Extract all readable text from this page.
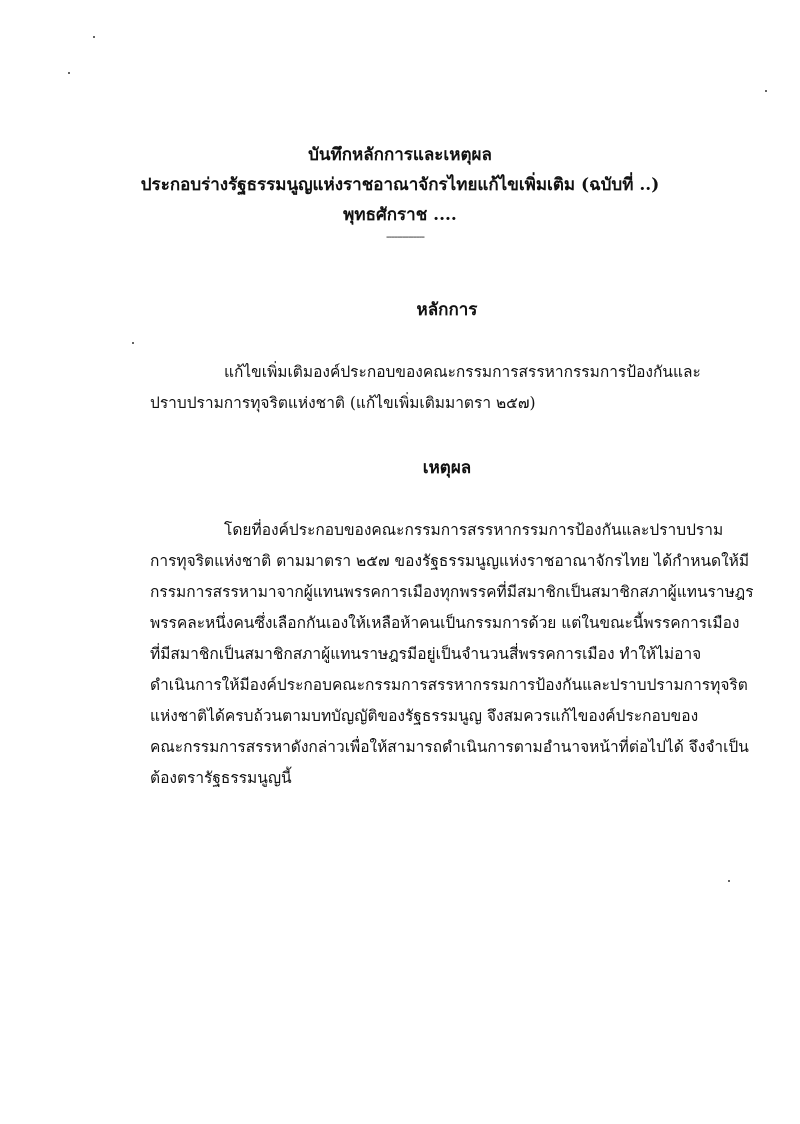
บันทึกหลักการและเหตุผล
ประกอบร่างรัฐธรรมนูญแห่งราชอาณาจักรไทยแก้ไขเพิ่มเติม (ฉบับที่ ..)
พุทธศักราช ....
--------------
หลักการ
แก้ไขเพิ่มเติมองค์ประกอบของคณะกรรมการสรรหากรรมการป้องกันและ
ปราบปรามการทุจริตแห่งชาติ (แก้ไขเพิ่มเติมมาตรา ๒๕๗)
เหตุผล
โดยที่องค์ประกอบของคณะกรรมการสรรหากรรมการป้องกันและปราบปราม
การทุจริตแห่งชาติ ตามมาตรา ๒๕๗ ของรัฐธรรมนูญแห่งราชอาณาจักรไทย ได้กำหนดให้มี
กรรมการสรรหามาจากผู้แทนพรรคการเมืองทุกพรรคที่มีสมาชิกเป็นสมาชิกสภาผู้แทนราษฎร
พรรคละหนึ่งคนซึ่งเลือกกันเองให้เหลือห้าคนเป็นกรรมการด้วย แต่ในขณะนี้พรรคการเมือง
ที่มีสมาชิกเป็นสมาชิกสภาผู้แทนราษฎรมีอยู่เป็นจำนวนสี่พรรคการเมือง ทำให้ไม่อาจ
ดำเนินการให้มีองค์ประกอบคณะกรรมการสรรหากรรมการป้องกันและปราบปรามการทุจริต
แห่งชาติได้ครบถ้วนตามบทบัญญัติของรัฐธรรมนูญ จึงสมควรแก้ไของค์ประกอบของ
คณะกรรมการสรรหาดังกล่าวเพื่อให้สามารถดำเนินการตามอำนาจหน้าที่ต่อไปได้ จึงจำเป็น
ต้องตรารัฐธรรมนูญนี้
